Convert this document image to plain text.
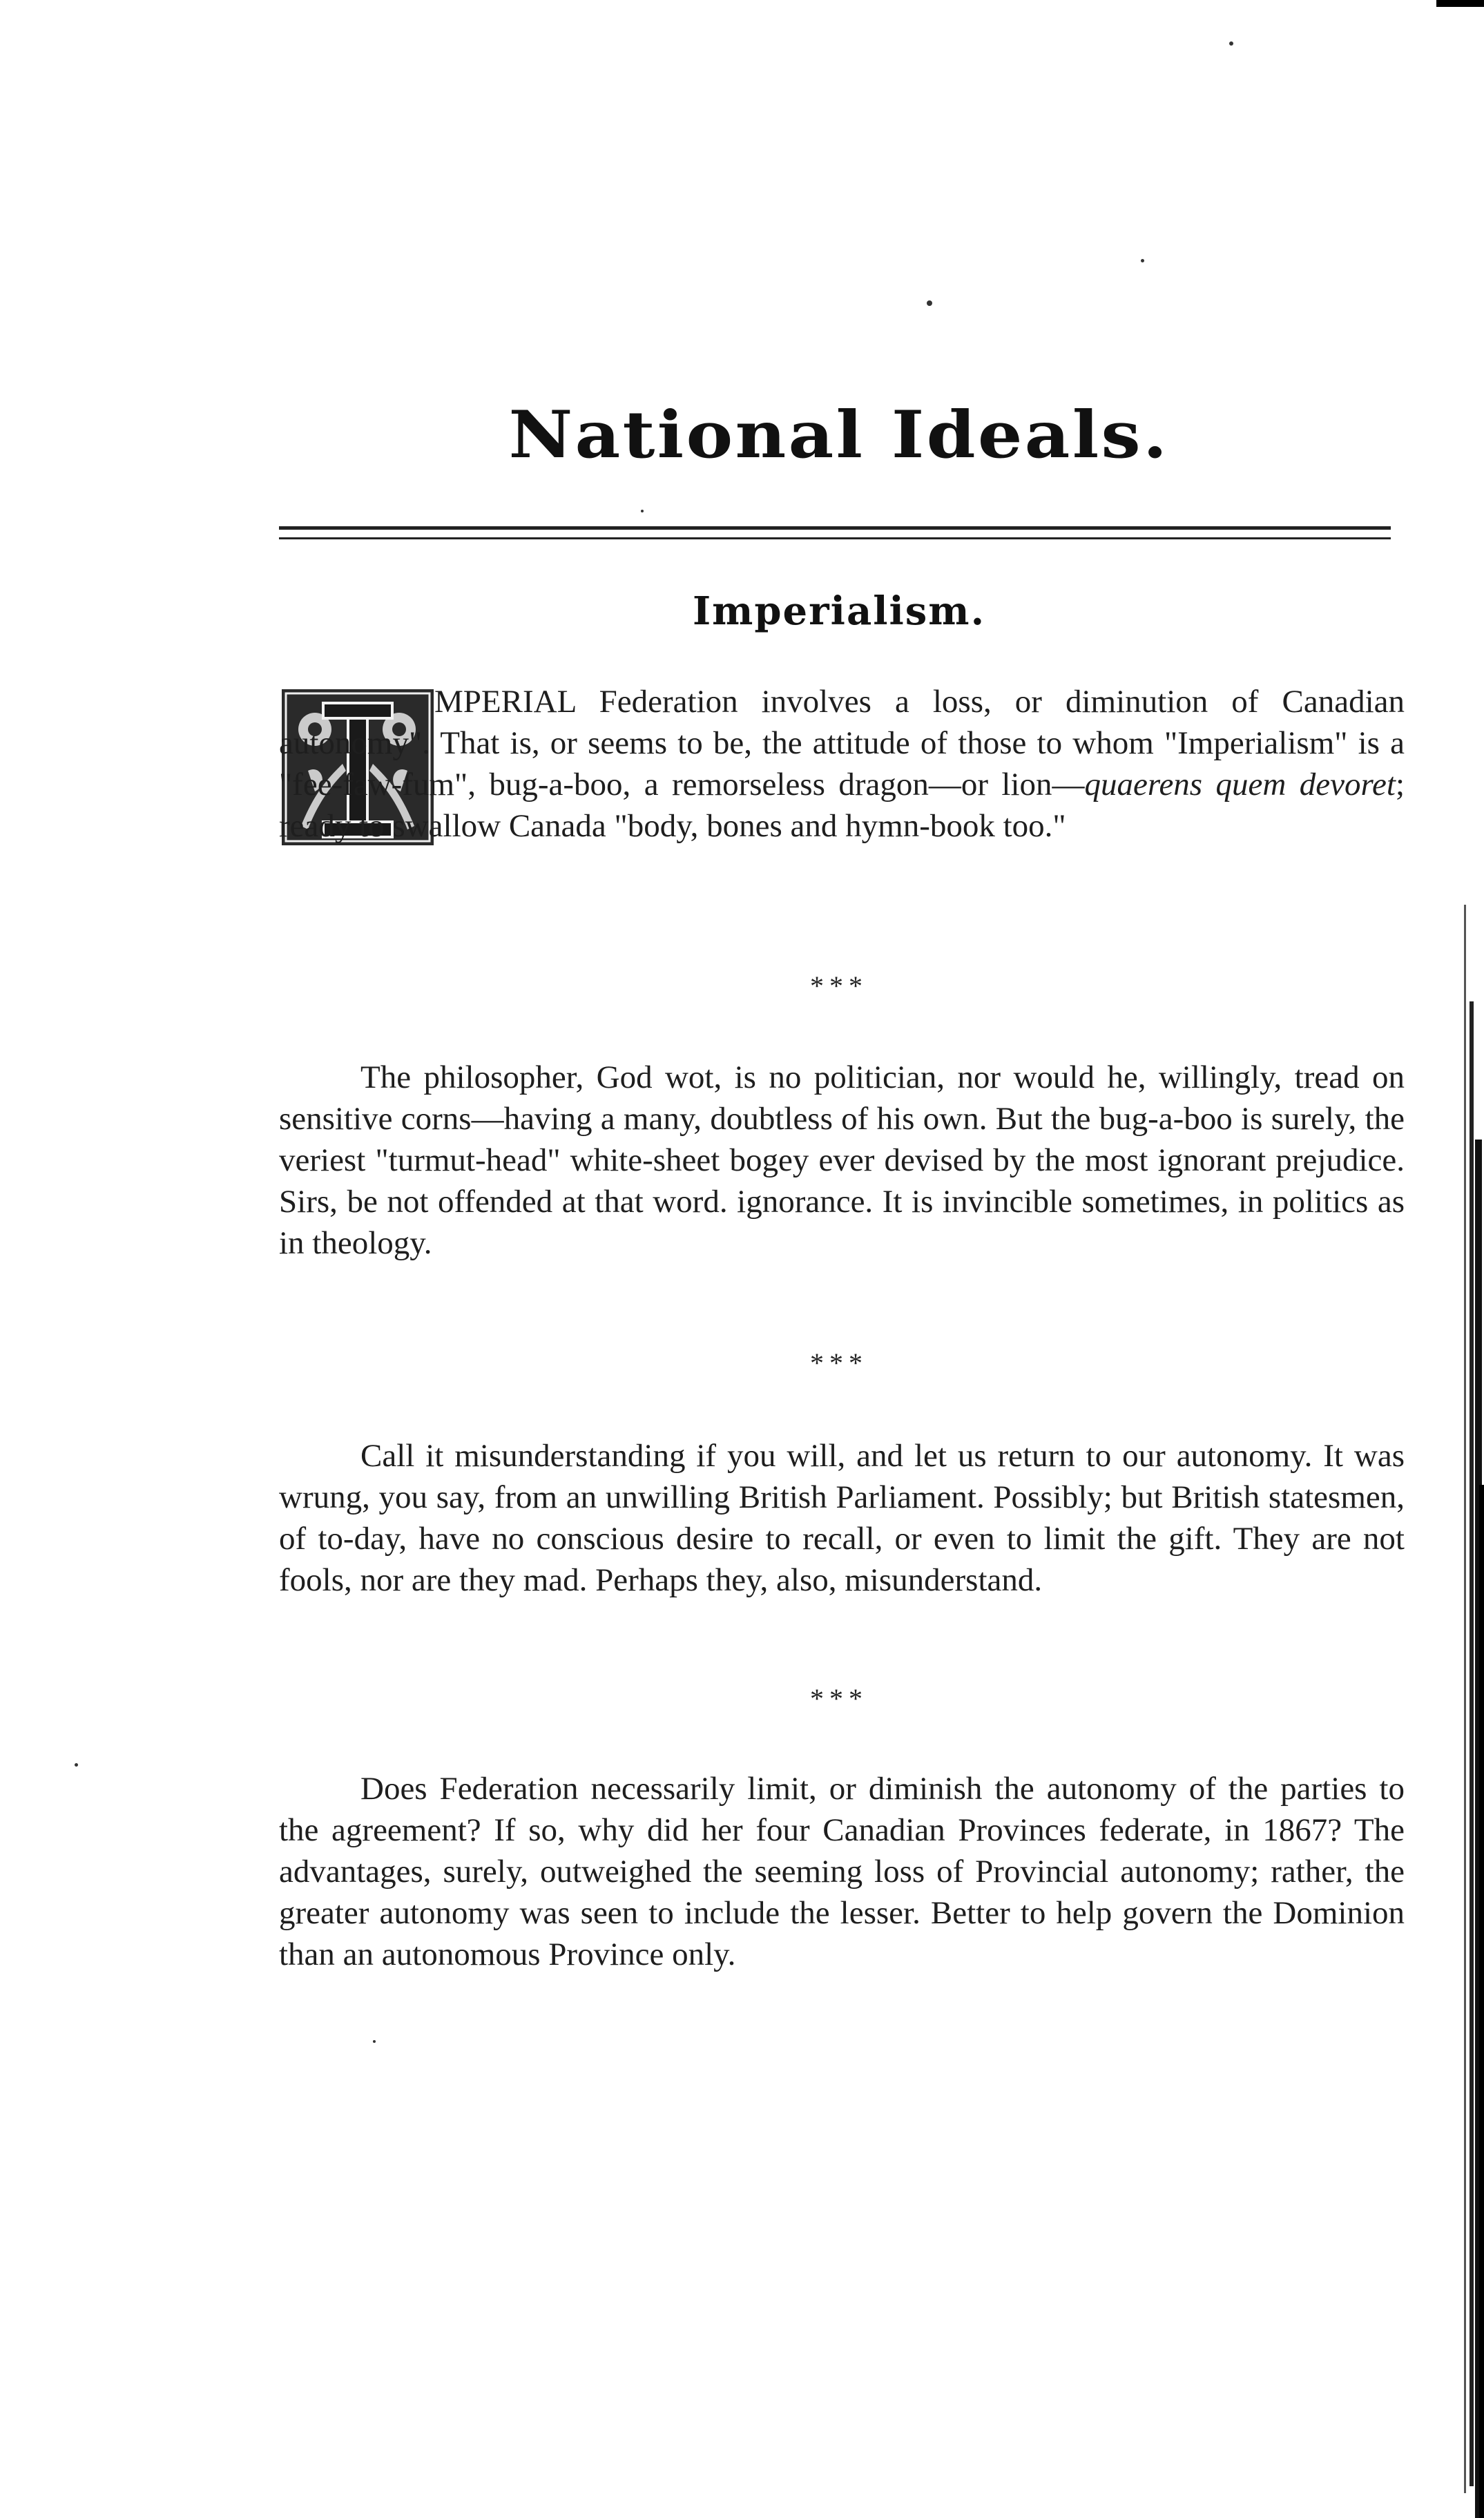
National Ideals.
Imperialism.
MPERIAL Federation involves a loss, or diminution of Canadian autonomy". That is, or seems to be, the attitude of those to whom "Imperialism" is a "fee-faw-fum", bug-a-boo, a remorseless dragon—or lion—quaerens quem devoret; ready to swallow Canada "body, bones and hymn-book too."
***
The philosopher, God wot, is no politician, nor would he, willingly, tread on sensitive corns—having a many, doubtless of his own. But the bug-a-boo is surely, the veriest "turmut-head" white-sheet bogey ever devised by the most ignorant prejudice. Sirs, be not offended at that word. ignorance. It is invincible sometimes, in politics as in theology.
***
Call it misunderstanding if you will, and let us return to our autonomy. It was wrung, you say, from an unwilling British Parliament. Possibly; but British statesmen, of to-day, have no conscious desire to recall, or even to limit the gift. They are not fools, nor are they mad. Perhaps they, also, misunderstand.
***
Does Federation necessarily limit, or diminish the autonomy of the parties to the agreement? If so, why did her four Canadian Provinces federate, in 1867? The advantages, surely, outweighed the seeming loss of Provincial autonomy; rather, the greater autonomy was seen to include the lesser. Better to help govern the Dominion than an autonomous Province only.
